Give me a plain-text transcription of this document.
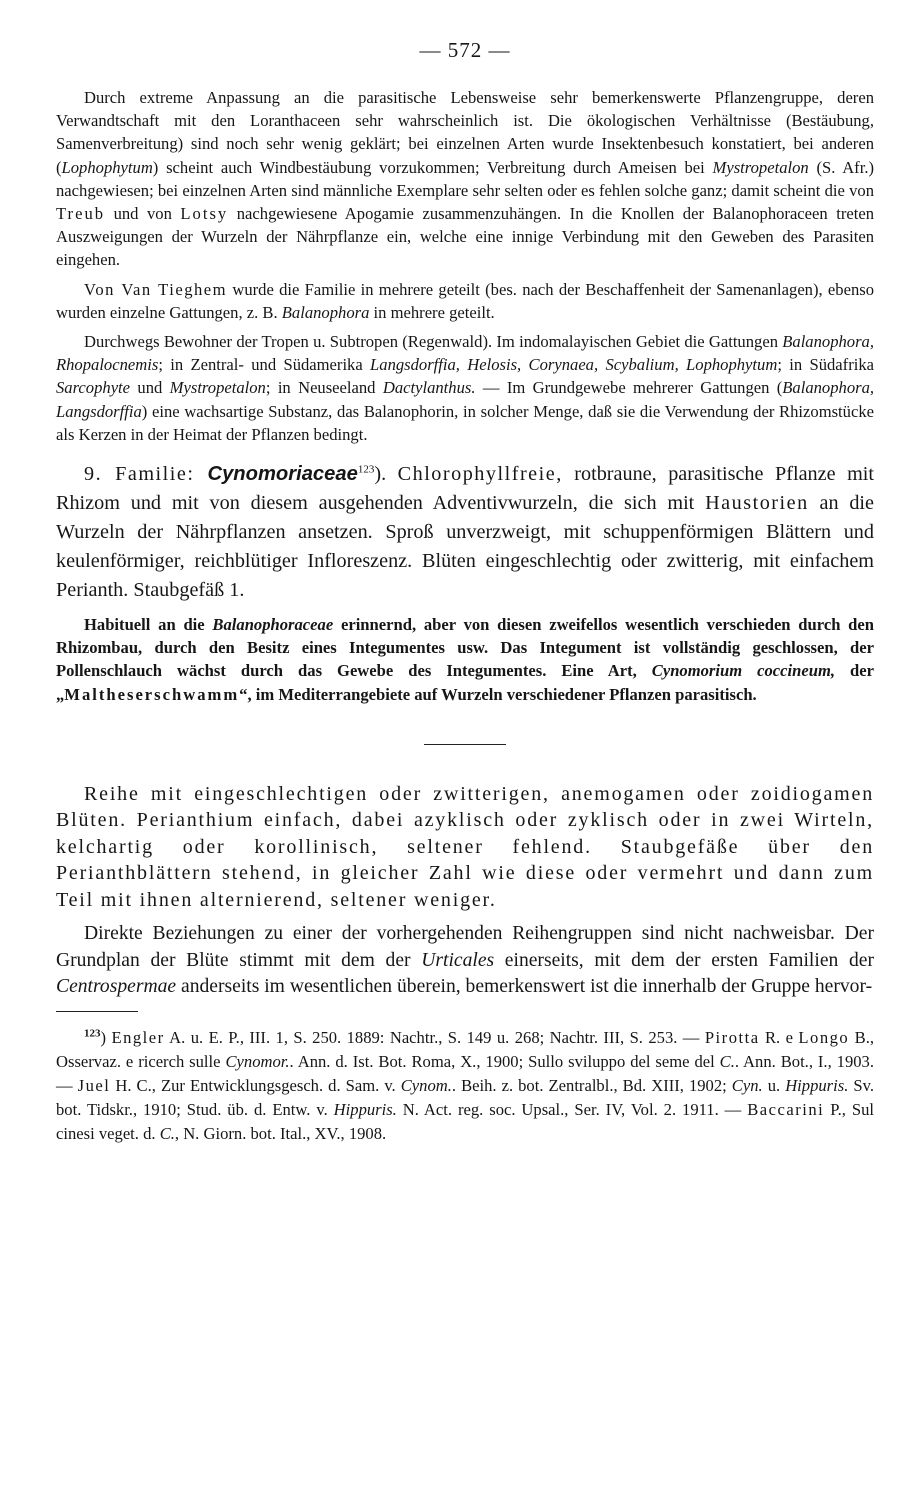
— 572 —

Durch extreme Anpassung an die parasitische Lebensweise sehr bemerkenswerte Pflanzengruppe, deren Verwandtschaft mit den Loranthaceen sehr wahrscheinlich ist. Die ökologischen Verhältnisse (Bestäubung, Samenverbreitung) sind noch sehr wenig geklärt; bei einzelnen Arten wurde Insektenbesuch konstatiert, bei anderen (Lophophytum) scheint auch Windbestäubung vorzukommen; Verbreitung durch Ameisen bei Mystropetalon (S. Afr.) nachgewiesen; bei einzelnen Arten sind männliche Exemplare sehr selten oder es fehlen solche ganz; damit scheint die von Treub und von Lotsy nachgewiesene Apogamie zusammenzuhängen. In die Knollen der Balanophoraceen treten Auszweigungen der Wurzeln der Nährpflanze ein, welche eine innige Verbindung mit den Geweben des Parasiten eingehen.

Von Van Tieghem wurde die Familie in mehrere geteilt (bes. nach der Beschaffenheit der Samenanlagen), ebenso wurden einzelne Gattungen, z. B. Balanophora in mehrere geteilt.

Durchwegs Bewohner der Tropen u. Subtropen (Regenwald). Im indomalayischen Gebiet die Gattungen Balanophora, Rhopalocnemis; in Zentral- und Südamerika Langsdorffia, Helosis, Corynaea, Scybalium, Lophophytum; in Südafrika Sarcophyte und Mystropetalon; in Neuseeland Dactylanthus. — Im Grundgewebe mehrerer Gattungen (Balanophora, Langsdorffia) eine wachsartige Substanz, das Balanophorin, in solcher Menge, daß sie die Verwendung der Rhizomstücke als Kerzen in der Heimat der Pflanzen bedingt.

9. Familie: Cynomoriaceae$^{123}$). Chlorophyllfreie, rotbraune, parasitische Pflanze mit Rhizom und mit von diesem ausgehenden Adventivwurzeln, die sich mit Haustorien an die Wurzeln der Nährpflanzen ansetzen. Sproß unverzweigt, mit schuppenförmigen Blättern und keulenförmiger, reichblütiger Infloreszenz. Blüten eingeschlechtig oder zwitterig, mit einfachem Perianth. Staubgefäß 1.

Habituell an die Balanophoraceae erinnernd, aber von diesen zweifellos wesentlich verschieden durch den Rhizombau, durch den Besitz eines Integumentes usw. Das Integument ist vollständig geschlossen, der Pollenschlauch wächst durch das Gewebe des Integumentes. Eine Art, Cynomorium coccineum, der „Maltheserschwamm“, im Mediterrangebiete auf Wurzeln verschiedener Pflanzen parasitisch.

Reihe mit eingeschlechtigen oder zwitterigen, anemogamen oder zoidiogamen Blüten. Perianthium einfach, dabei azyklisch oder zyklisch oder in zwei Wirteln, kelchartig oder korollinisch, seltener fehlend. Staubgefäße über den Perianthblättern stehend, in gleicher Zahl wie diese oder vermehrt und dann zum Teil mit ihnen alternierend, seltener weniger.

Direkte Beziehungen zu einer der vorhergehenden Reihengruppen sind nicht nachweisbar. Der Grundplan der Blüte stimmt mit dem der Urticales einerseits, mit dem der ersten Familien der Centrospermae anderseits im wesentlichen überein, bemerkenswert ist die innerhalb der Gruppe hervor-

$^{123}$) Engler A. u. E. P., III. 1, S. 250. 1889: Nachtr., S. 149 u. 268; Nachtr. III, S. 253. — Pirotta R. e Longo B., Osservaz. e ricerch sulle Cynomor.. Ann. d. Ist. Bot. Roma, X., 1900; Sullo sviluppo del seme del C.. Ann. Bot., I., 1903. — Juel H. C., Zur Entwicklungsgesch. d. Sam. v. Cynom.. Beih. z. bot. Zentralbl., Bd. XIII, 1902; Cyn. u. Hippuris. Sv. bot. Tidskr., 1910; Stud. üb. d. Entw. v. Hippuris. N. Act. reg. soc. Upsal., Ser. IV, Vol. 2. 1911. — Baccarini P., Sul cinesi veget. d. C., N. Giorn. bot. Ital., XV., 1908.
